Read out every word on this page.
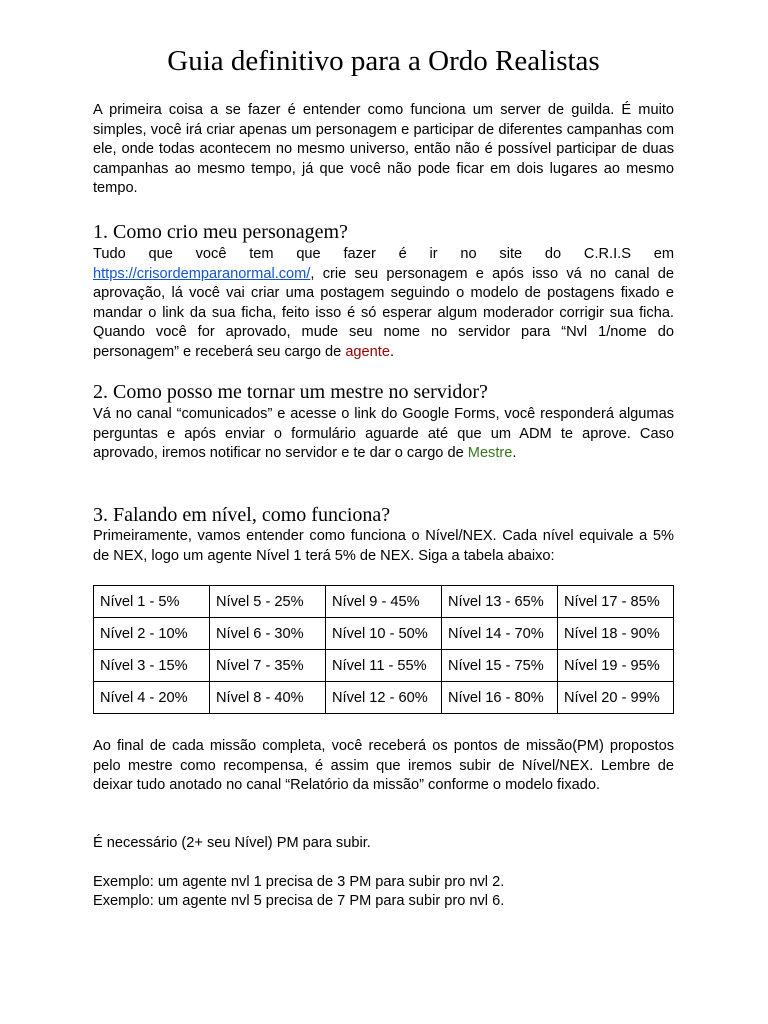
Guia definitivo para a Ordo Realistas

A primeira coisa a se fazer é entender como funciona um server de guilda. É muito simples, você irá criar apenas um personagem e participar de diferentes campanhas com ele, onde todas acontecem no mesmo universo, então não é possível participar de duas campanhas ao mesmo tempo, já que você não pode ficar em dois lugares ao mesmo tempo.

1. Como crio meu personagem?

Tudo que você tem que fazer é ir no site do C.R.I.S em https://crisordemparanormal.com/, crie seu personagem e após isso vá no canal de aprovação, lá você vai criar uma postagem seguindo o modelo de postagens fixado e mandar o link da sua ficha, feito isso é só esperar algum moderador corrigir sua ficha. Quando você for aprovado, mude seu nome no servidor para “Nvl 1/nome do personagem” e receberá seu cargo de agente.

2. Como posso me tornar um mestre no servidor?

Vá no canal “comunicados” e acesse o link do Google Forms, você responderá algumas perguntas e após enviar o formulário aguarde até que um ADM te aprove. Caso aprovado, iremos notificar no servidor e te dar o cargo de Mestre.

3. Falando em nível, como funciona?

Primeiramente, vamos entender como funciona o Nível/NEX. Cada nível equivale a 5% de NEX, logo um agente Nível 1 terá 5% de NEX. Siga a tabela abaixo:

Nível 1 - 5%	Nível 5 - 25%	Nível 9 - 45%	Nível 13 - 65%	Nível 17 - 85%
Nível 2 - 10%	Nível 6 - 30%	Nível 10 - 50%	Nível 14 - 70%	Nível 18 - 90%
Nível 3 - 15%	Nível 7 - 35%	Nível 11 - 55%	Nível 15 - 75%	Nível 19 - 95%
Nível 4 - 20%	Nível 8 - 40%	Nível 12 - 60%	Nível 16 - 80%	Nível 20 - 99%

Ao final de cada missão completa, você receberá os pontos de missão(PM) propostos pelo mestre como recompensa, é assim que iremos subir de Nível/NEX. Lembre de deixar tudo anotado no canal “Relatório da missão” conforme o modelo fixado.

É necessário (2+ seu Nível) PM para subir.

Exemplo: um agente nvl 1 precisa de 3 PM para subir pro nvl 2.

Exemplo: um agente nvl 5 precisa de 7 PM para subir pro nvl 6.
